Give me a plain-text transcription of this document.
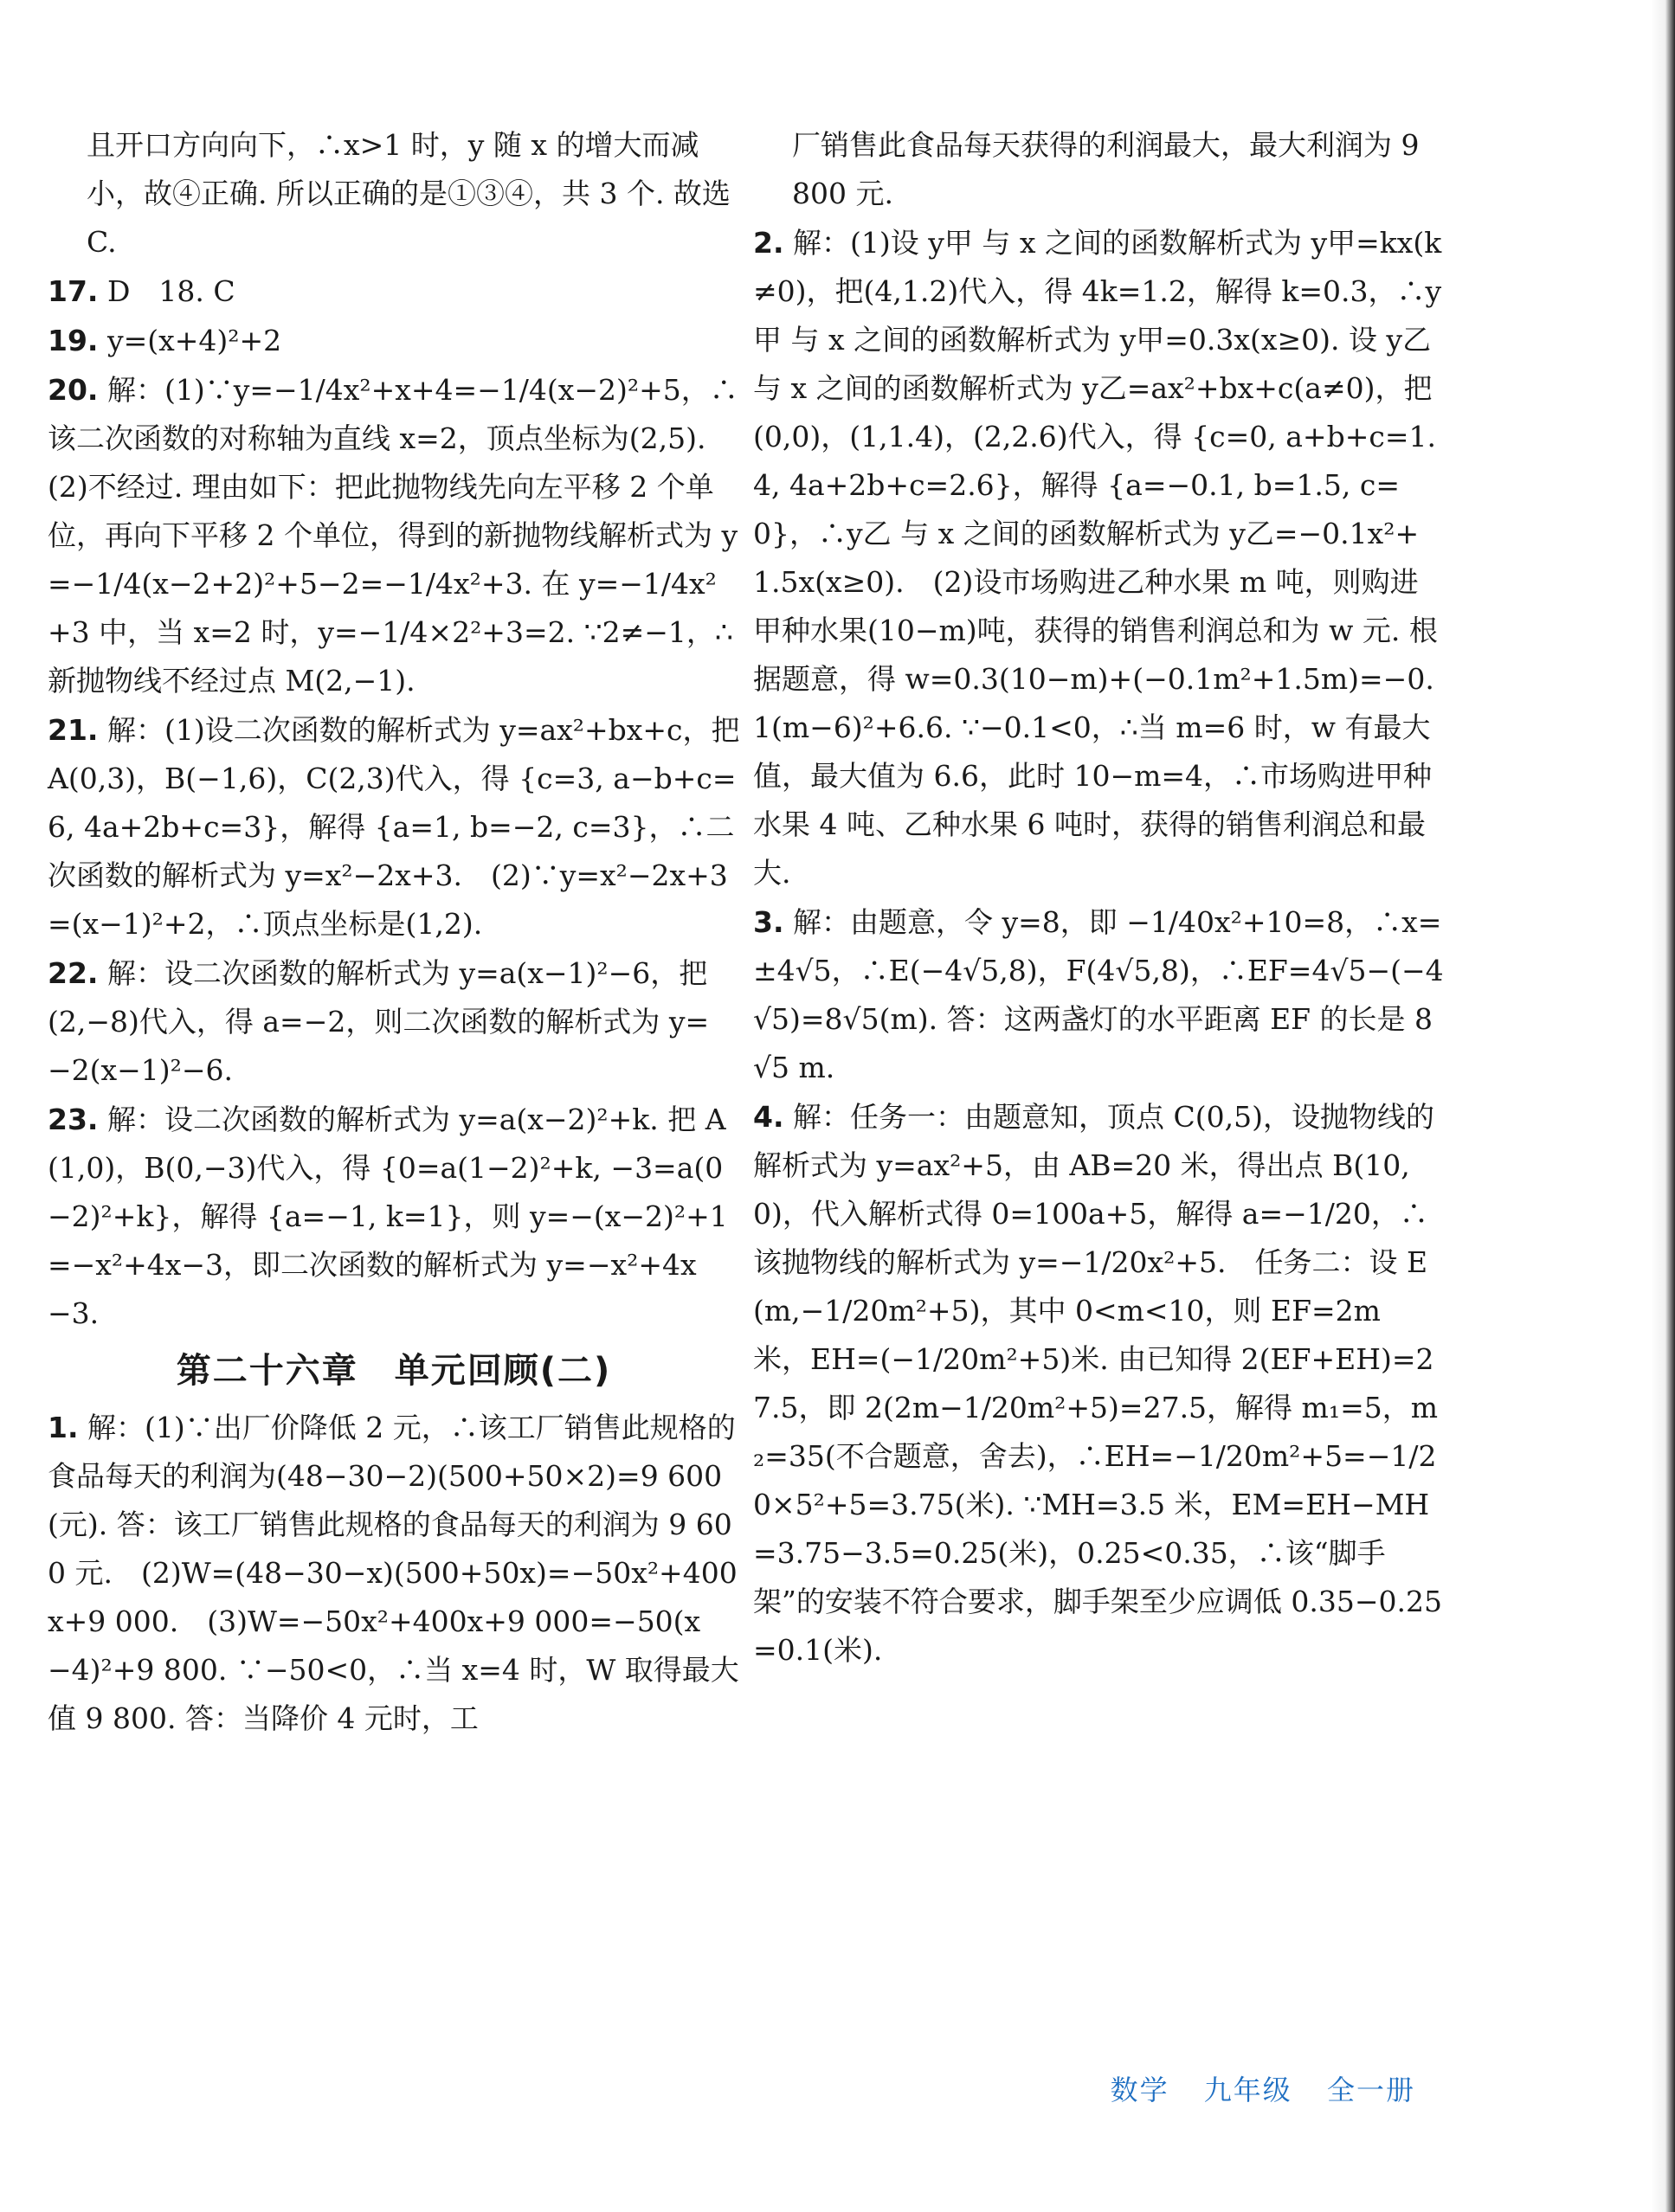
且开口方向向下，∴x>1 时，y 随 x 的增大而减小，故④正确. 所以正确的是①③④，共 3 个. 故选 C.

17. D　18. C

19. y=(x+4)²+2

20. 解：(1)∵y=−1/4x²+x+4=−1/4(x−2)²+5，∴该二次函数的对称轴为直线 x=2，顶点坐标为(2,5).　(2)不经过. 理由如下：把此抛物线先向左平移 2 个单位，再向下平移 2 个单位，得到的新抛物线解析式为 y=−1/4(x−2+2)²+5−2=−1/4x²+3. 在 y=−1/4x²+3 中，当 x=2 时，y=−1/4×2²+3=2. ∵2≠−1，∴新抛物线不经过点 M(2,−1).

21. 解：(1)设二次函数的解析式为 y=ax²+bx+c，把 A(0,3)，B(−1,6)，C(2,3)代入，得 {c=3, a−b+c=6, 4a+2b+c=3}，解得 {a=1, b=−2, c=3}，∴二次函数的解析式为 y=x²−2x+3.　(2)∵y=x²−2x+3=(x−1)²+2，∴顶点坐标是(1,2).

22. 解：设二次函数的解析式为 y=a(x−1)²−6，把(2,−8)代入，得 a=−2，则二次函数的解析式为 y=−2(x−1)²−6.

23. 解：设二次函数的解析式为 y=a(x−2)²+k. 把 A(1,0)，B(0,−3)代入，得 {0=a(1−2)²+k, −3=a(0−2)²+k}，解得 {a=−1, k=1}，则 y=−(x−2)²+1=−x²+4x−3，即二次函数的解析式为 y=−x²+4x−3.

第二十六章　单元回顾(二)

1. 解：(1)∵出厂价降低 2 元，∴该工厂销售此规格的食品每天的利润为(48−30−2)(500+50×2)=9 600(元). 答：该工厂销售此规格的食品每天的利润为 9 600 元.　(2)W=(48−30−x)(500+50x)=−50x²+400x+9 000.　(3)W=−50x²+400x+9 000=−50(x−4)²+9 800. ∵−50<0，∴当 x=4 时，W 取得最大值 9 800. 答：当降价 4 元时，工

厂销售此食品每天获得的利润最大，最大利润为 9 800 元.

2. 解：(1)设 y甲 与 x 之间的函数解析式为 y甲=kx(k≠0)，把(4,1.2)代入，得 4k=1.2，解得 k=0.3，∴y甲 与 x 之间的函数解析式为 y甲=0.3x(x≥0). 设 y乙 与 x 之间的函数解析式为 y乙=ax²+bx+c(a≠0)，把(0,0)，(1,1.4)，(2,2.6)代入，得 {c=0, a+b+c=1.4, 4a+2b+c=2.6}，解得 {a=−0.1, b=1.5, c=0}，∴y乙 与 x 之间的函数解析式为 y乙=−0.1x²+1.5x(x≥0).　(2)设市场购进乙种水果 m 吨，则购进甲种水果(10−m)吨，获得的销售利润总和为 w 元. 根据题意，得 w=0.3(10−m)+(−0.1m²+1.5m)=−0.1(m−6)²+6.6. ∵−0.1<0，∴当 m=6 时，w 有最大值，最大值为 6.6，此时 10−m=4，∴市场购进甲种水果 4 吨、乙种水果 6 吨时，获得的销售利润总和最大.

3. 解：由题意，令 y=8，即 −1/40x²+10=8，∴x=±4√5，∴E(−4√5,8)，F(4√5,8)，∴EF=4√5−(−4√5)=8√5(m). 答：这两盏灯的水平距离 EF 的长是 8√5 m.

4. 解：任务一：由题意知，顶点 C(0,5)，设抛物线的解析式为 y=ax²+5，由 AB=20 米，得出点 B(10,0)，代入解析式得 0=100a+5，解得 a=−1/20，∴该抛物线的解析式为 y=−1/20x²+5.　任务二：设 E(m,−1/20m²+5)，其中 0<m<10，则 EF=2m 米，EH=(−1/20m²+5)米. 由已知得 2(EF+EH)=27.5，即 2(2m−1/20m²+5)=27.5，解得 m₁=5，m₂=35(不合题意，舍去)，∴EH=−1/20m²+5=−1/20×5²+5=3.75(米). ∵MH=3.5 米，EM=EH−MH=3.75−3.5=0.25(米)，0.25<0.35，∴该“脚手架”的安装不符合要求，脚手架至少应调低 0.35−0.25=0.1(米).

数学 九年级 全一册
